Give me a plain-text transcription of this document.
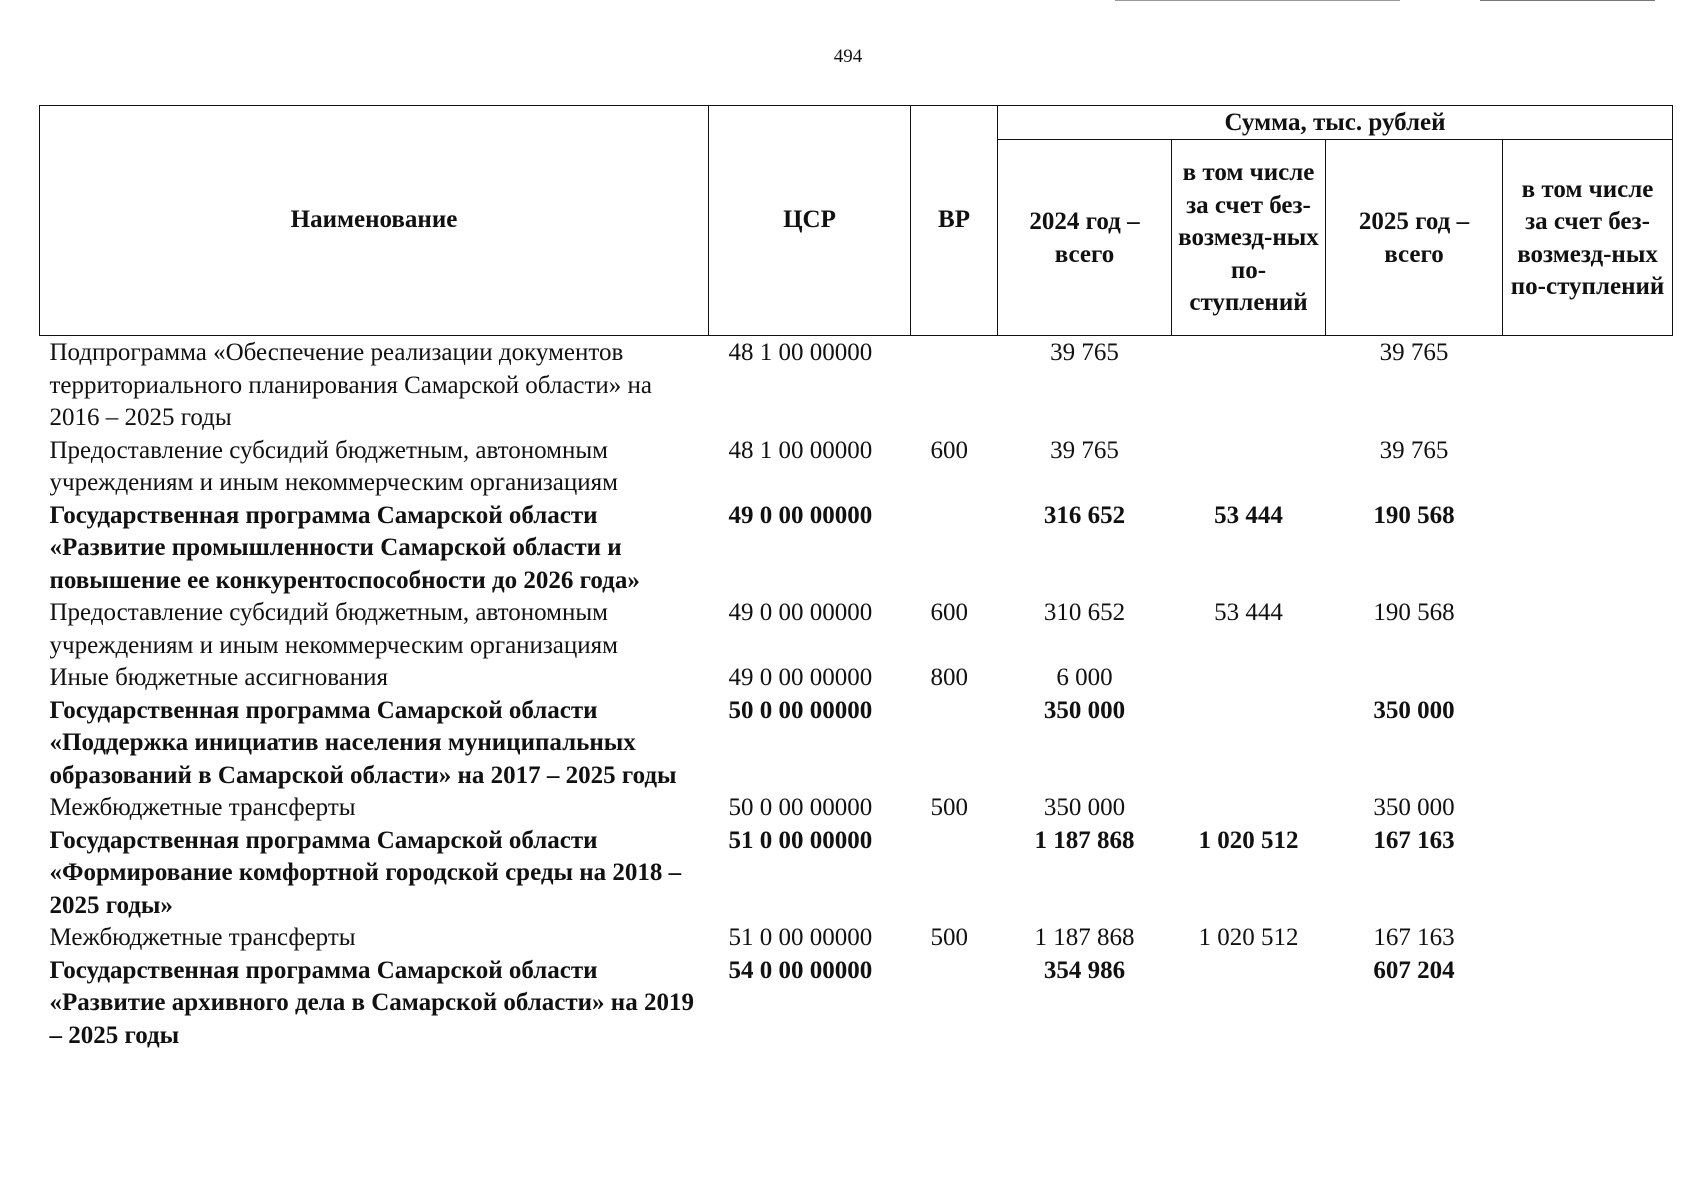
494
Наименование	ЦСР	ВР	Сумма, тыс. рублей			
			2024 год – всего	в том числе за счет без-возмезд-ных по-ступлений	2025 год – всего	в том числе за счет без-возмезд-ных по-ступлений
Подпрограмма «Обеспечение реализации документов территориального планирования Самарской области» на 2016 – 2025 годы	48 1 00 00000		39 765		39 765	
Предоставление субсидий бюджетным, автономным учреждениям и иным некоммерческим организациям	48 1 00 00000	600	39 765		39 765	
Государственная программа Самарской области «Развитие промышленности Самарской области и повышение ее конкурентоспособности до 2026 года»	49 0 00 00000		316 652	53 444	190 568	
Предоставление субсидий бюджетным, автономным учреждениям и иным некоммерческим организациям	49 0 00 00000	600	310 652	53 444	190 568	
Иные бюджетные ассигнования	49 0 00 00000	800	6 000			
Государственная программа Самарской области «Поддержка инициатив населения муниципальных образований в Самарской области» на 2017 – 2025 годы	50 0 00 00000		350 000		350 000	
Межбюджетные трансферты	50 0 00 00000	500	350 000		350 000	
Государственная программа Самарской области «Формирование комфортной городской среды на 2018 – 2025 годы»	51 0 00 00000		1 187 868	1 020 512	167 163	
Межбюджетные трансферты	51 0 00 00000	500	1 187 868	1 020 512	167 163	
Государственная программа Самарской области «Развитие архивного дела в Самарской области» на 2019 – 2025 годы	54 0 00 00000		354 986		607 204	
